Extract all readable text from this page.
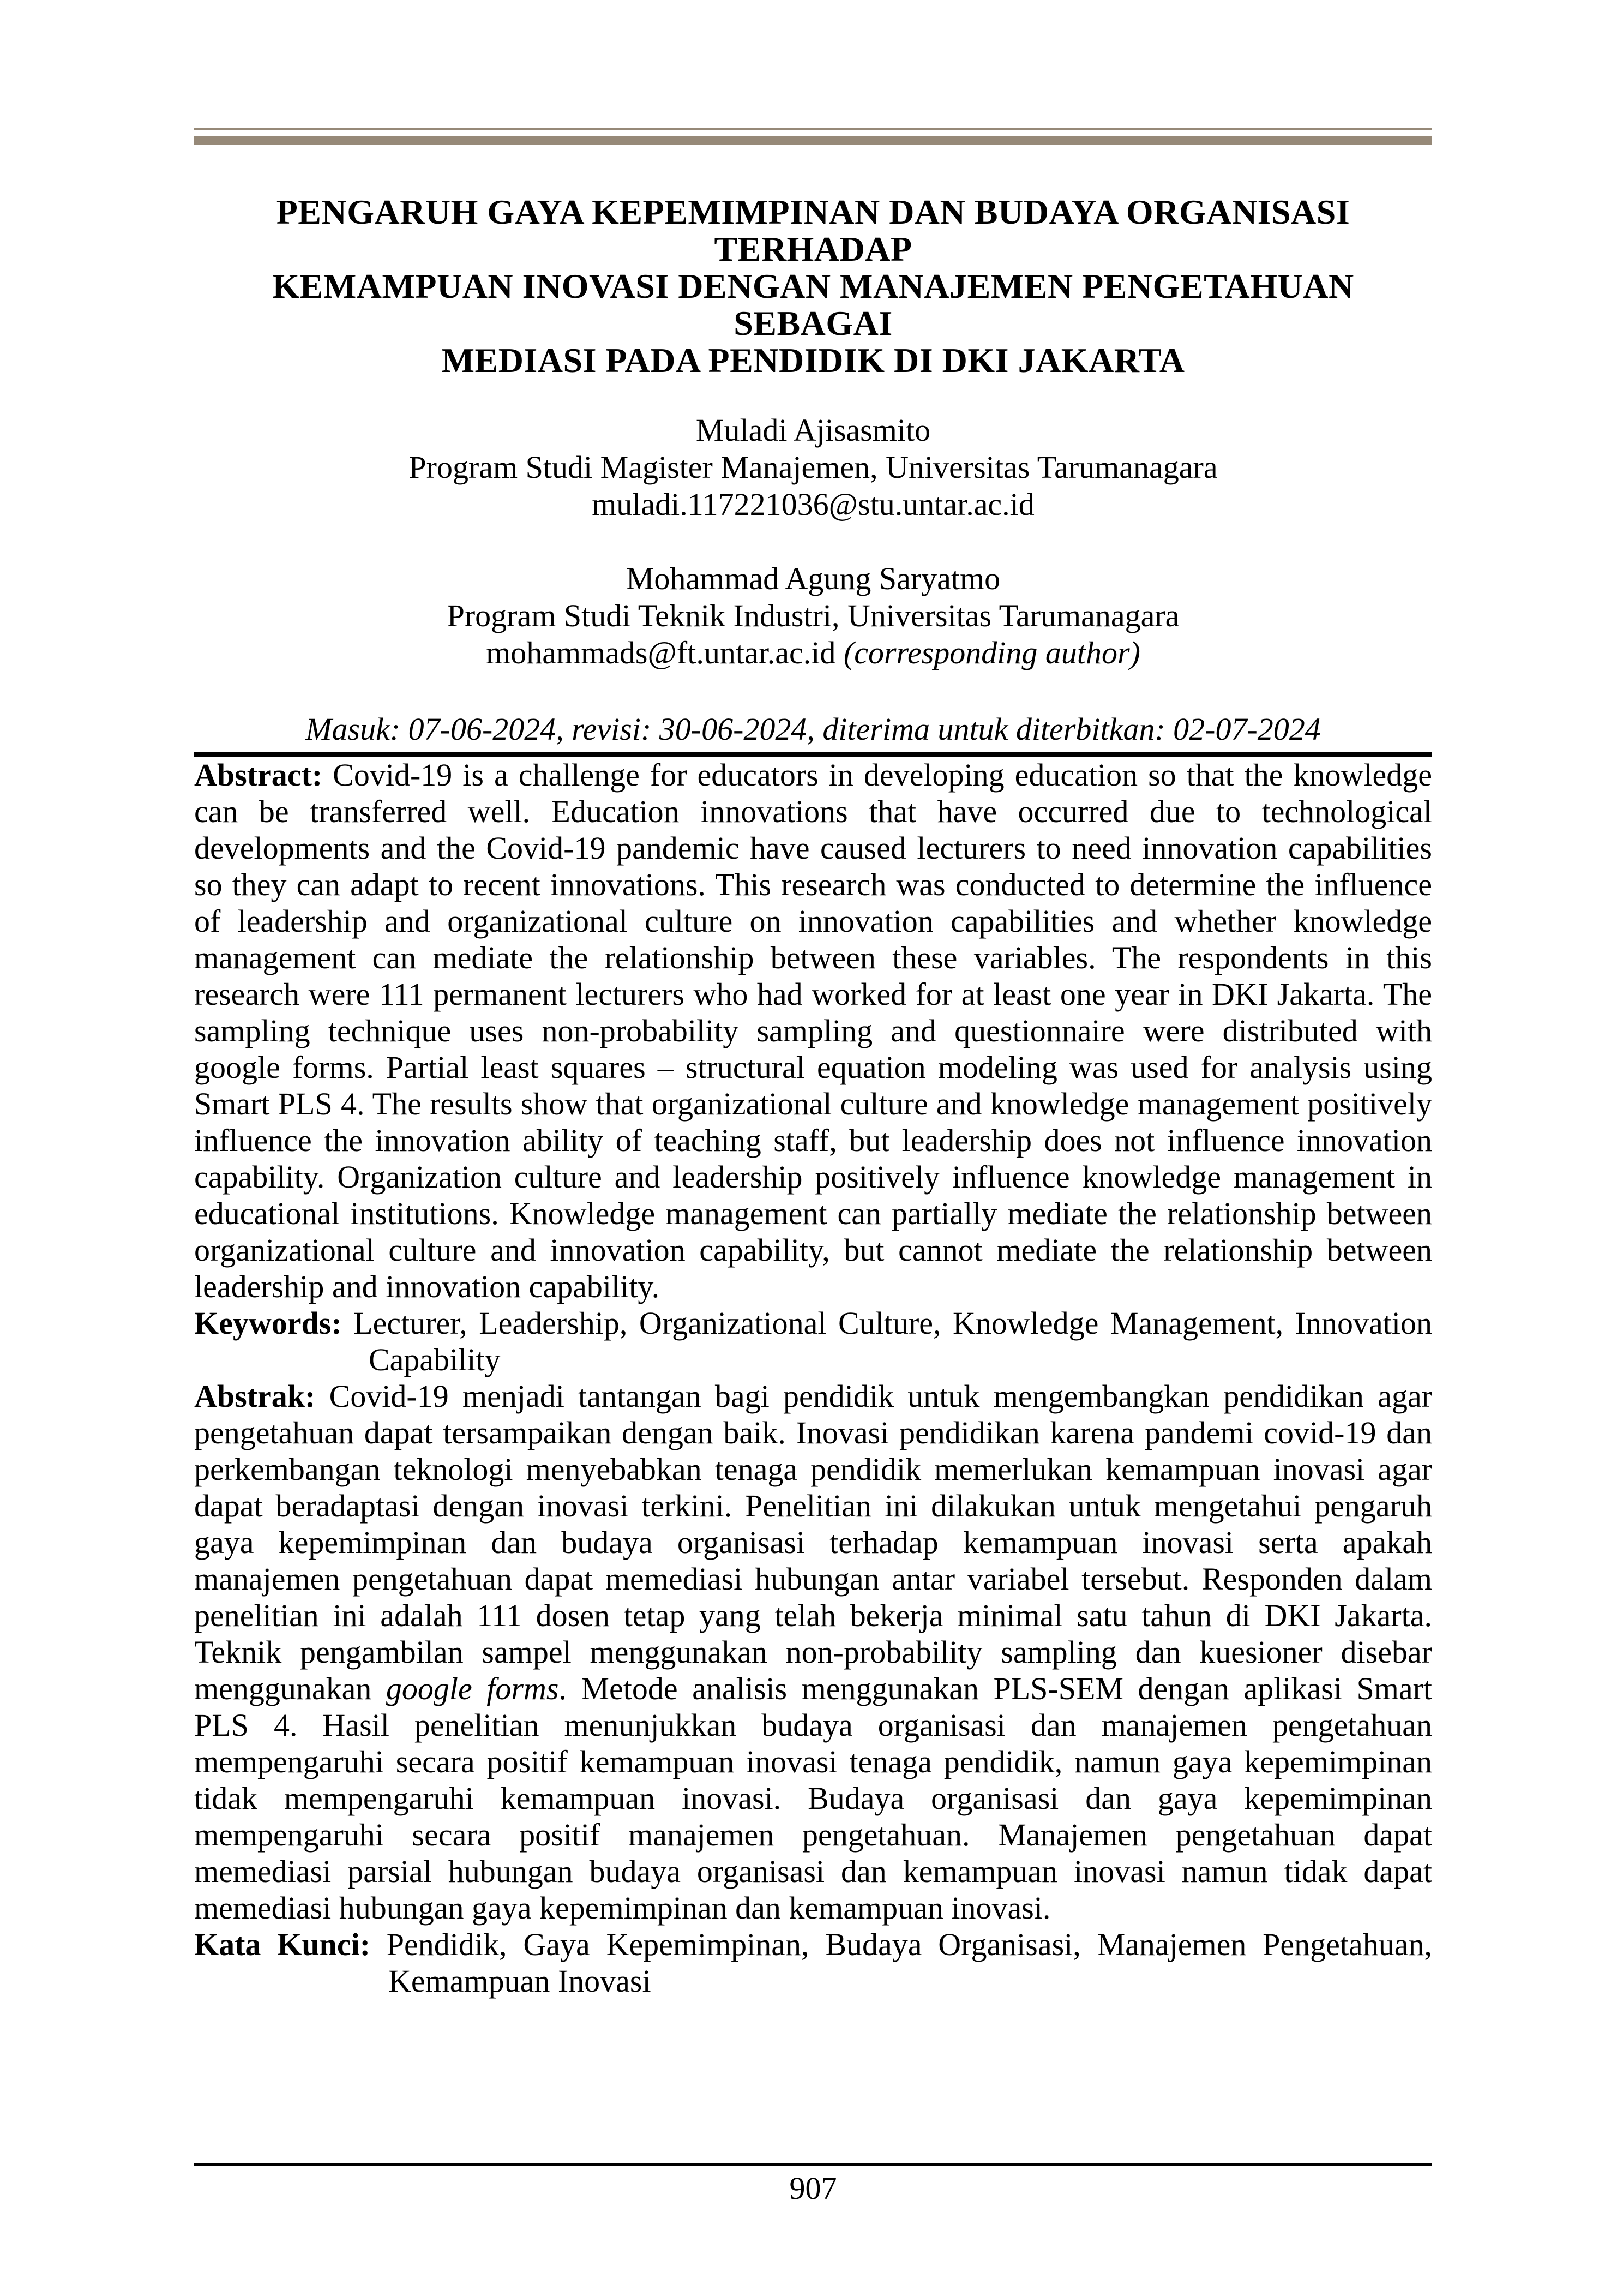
PENGARUH GAYA KEPEMIMPINAN DAN BUDAYA ORGANISASI TERHADAP
KEMAMPUAN INOVASI DENGAN MANAJEMEN PENGETAHUAN SEBAGAI
MEDIASI PADA PENDIDIK DI DKI JAKARTA
Muladi Ajisasmito
Program Studi Magister Manajemen, Universitas Tarumanagara
muladi.117221036@stu.untar.ac.id
Mohammad Agung Saryatmo
Program Studi Teknik Industri, Universitas Tarumanagara
mohammads@ft.untar.ac.id (corresponding author)
Masuk: 07-06-2024, revisi: 30-06-2024, diterima untuk diterbitkan: 02-07-2024

Abstract: Covid-19 is a challenge for educators in developing education so that the knowledge can be transferred well. Education innovations that have occurred due to technological developments and the Covid-19 pandemic have caused lecturers to need innovation capabilities so they can adapt to recent innovations. This research was conducted to determine the influence of leadership and organizational culture on innovation capabilities and whether knowledge management can mediate the relationship between these variables. The respondents in this research were 111 permanent lecturers who had worked for at least one year in DKI Jakarta. The sampling technique uses non-probability sampling and questionnaire were distributed with google forms. Partial least squares – structural equation modeling was used for analysis using Smart PLS 4. The results show that organizational culture and knowledge management positively influence the innovation ability of teaching staff, but leadership does not influence innovation capability. Organization culture and leadership positively influence knowledge management in educational institutions. Knowledge management can partially mediate the relationship between organizational culture and innovation capability, but cannot mediate the relationship between leadership and innovation capability.

Keywords: Lecturer, Leadership, Organizational Culture, Knowledge Management, Innovation Capability

Abstrak: Covid-19 menjadi tantangan bagi pendidik untuk mengembangkan pendidikan agar pengetahuan dapat tersampaikan dengan baik. Inovasi pendidikan karena pandemi covid-19 dan perkembangan teknologi menyebabkan tenaga pendidik memerlukan kemampuan inovasi agar dapat beradaptasi dengan inovasi terkini. Penelitian ini dilakukan untuk mengetahui pengaruh gaya kepemimpinan dan budaya organisasi terhadap kemampuan inovasi serta apakah manajemen pengetahuan dapat memediasi hubungan antar variabel tersebut. Responden dalam penelitian ini adalah 111 dosen tetap yang telah bekerja minimal satu tahun di DKI Jakarta. Teknik pengambilan sampel menggunakan non-probability sampling dan kuesioner disebar menggunakan google forms. Metode analisis menggunakan PLS-SEM dengan aplikasi Smart PLS 4. Hasil penelitian menunjukkan budaya organisasi dan manajemen pengetahuan mempengaruhi secara positif kemampuan inovasi tenaga pendidik, namun gaya kepemimpinan tidak mempengaruhi kemampuan inovasi. Budaya organisasi dan gaya kepemimpinan mempengaruhi secara positif manajemen pengetahuan. Manajemen pengetahuan dapat memediasi parsial hubungan budaya organisasi dan kemampuan inovasi namun tidak dapat memediasi hubungan gaya kepemimpinan dan kemampuan inovasi.

Kata Kunci: Pendidik, Gaya Kepemimpinan, Budaya Organisasi, Manajemen Pengetahuan, Kemampuan Inovasi

907
